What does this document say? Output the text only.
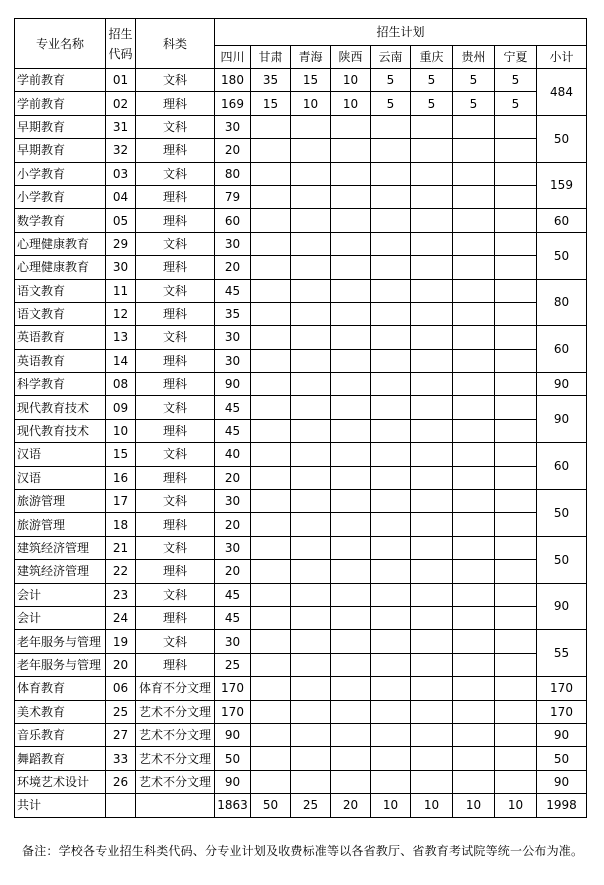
专业名称	招生代码	科类	招生计划								
			四川	甘肃	青海	陕西	云南	重庆	贵州	宁夏	小计
学前教育	01	文科	180	35	15	10	5	5	5	5	484
学前教育	02	理科	169	15	10	10	5	5	5	5	
早期教育	31	文科	30								50
早期教育	32	理科	20								
小学教育	03	文科	80								159
小学教育	04	理科	79								
数学教育	05	理科	60								60
心理健康教育	29	文科	30								50
心理健康教育	30	理科	20								
语文教育	11	文科	45								80
语文教育	12	理科	35								
英语教育	13	文科	30								60
英语教育	14	理科	30								
科学教育	08	理科	90								90
现代教育技术	09	文科	45								90
现代教育技术	10	理科	45								
汉语	15	文科	40								60
汉语	16	理科	20								
旅游管理	17	文科	30								50
旅游管理	18	理科	20								
建筑经济管理	21	文科	30								50
建筑经济管理	22	理科	20								
会计	23	文科	45								90
会计	24	理科	45								
老年服务与管理	19	文科	30								55
老年服务与管理	20	理科	25								
体育教育	06	体育不分文理	170								170
美术教育	25	艺术不分文理	170								170
音乐教育	27	艺术不分文理	90								90
舞蹈教育	33	艺术不分文理	50								50
环境艺术设计	26	艺术不分文理	90								90
共计			1863	50	25	20	10	10	10	10	1998
备注：学校各专业招生科类代码、分专业计划及收费标准等以各省教厅、省教育考试院等统一公布为准。
